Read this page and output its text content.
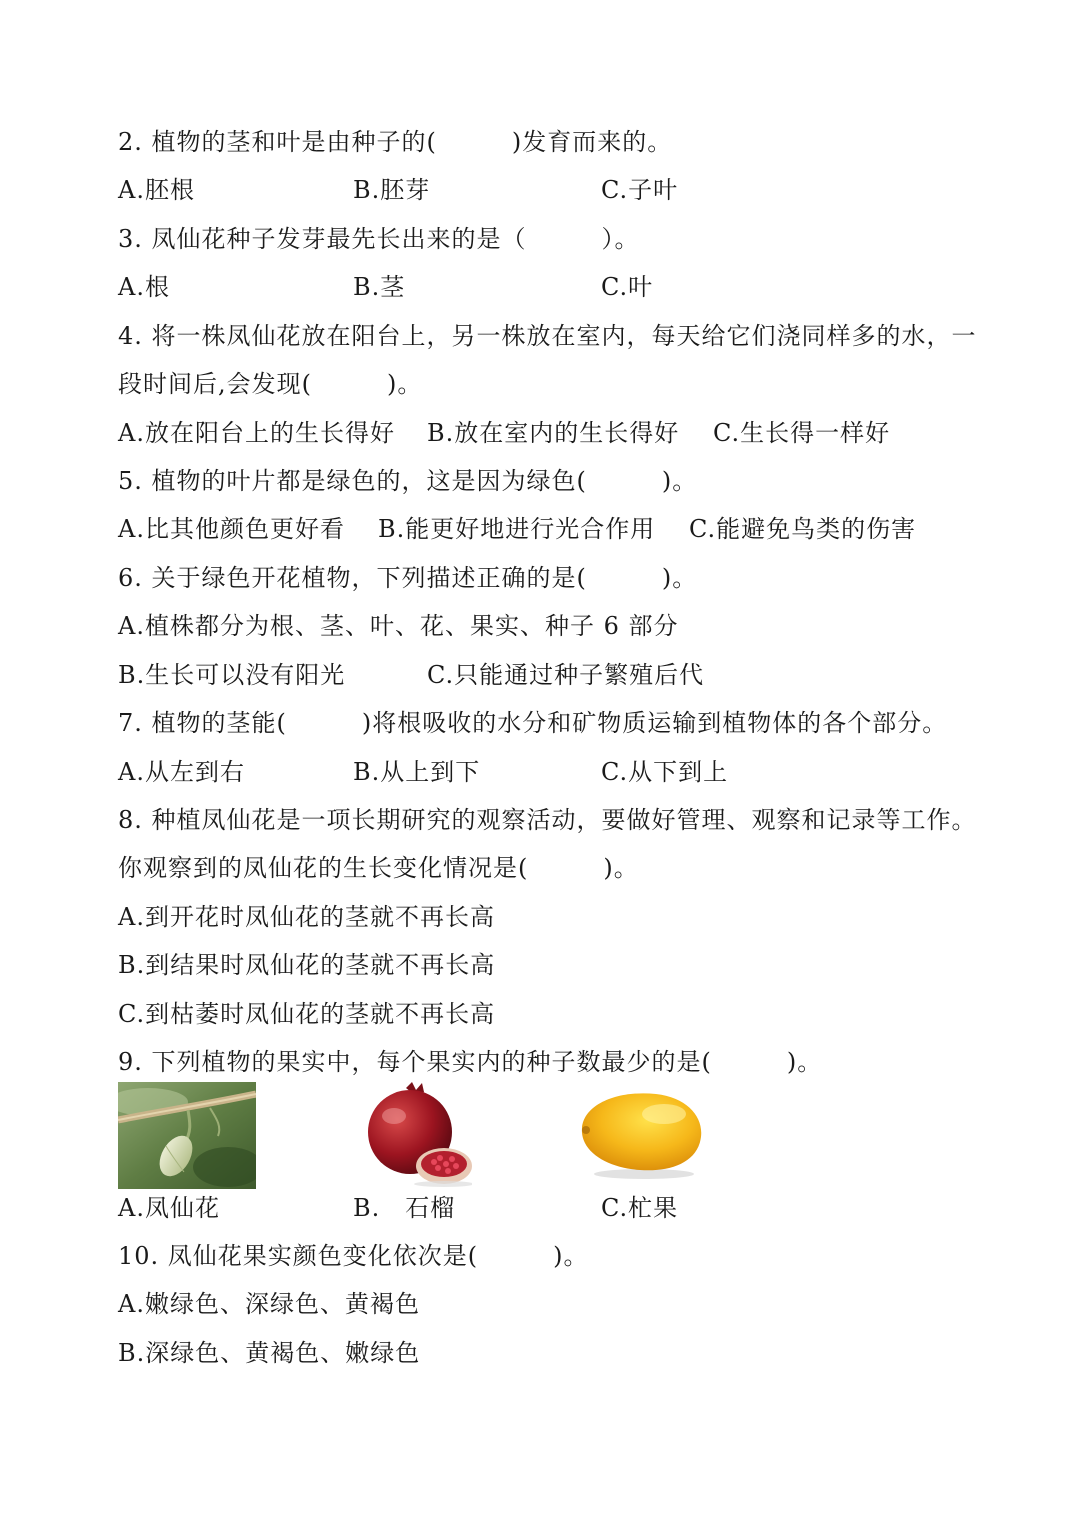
2. 植物的茎和叶是由种子的(　　　)发育而来的。
A.胚根	B.胚芽	C.子叶
3. 凤仙花种子发芽最先长出来的是（　　　）。
A.根	B.茎	C.叶
4. 将一株凤仙花放在阳台上，另一株放在室内，每天给它们浇同样多的水，一
段时间后,会发现(　　　)。
A.放在阳台上的生长得好 B.放在室内的生长得好 C.生长得一样好
5. 植物的叶片都是绿色的，这是因为绿色(　　　)。
A.比其他颜色更好看 B.能更好地进行光合作用 C.能避免鸟类的伤害
6. 关于绿色开花植物，下列描述正确的是(　　　)。
A.植株都分为根、茎、叶、花、果实、种子 6 部分
B.生长可以没有阳光	C.只能通过种子繁殖后代
7. 植物的茎能(　　　)将根吸收的水分和矿物质运输到植物体的各个部分。
A.从左到右	B.从上到下	C.从下到上
8. 种植凤仙花是一项长期研究的观察活动，要做好管理、观察和记录等工作。
你观察到的凤仙花的生长变化情况是(　　　)。
A.到开花时凤仙花的茎就不再长高
B.到结果时凤仙花的茎就不再长高
C.到枯萎时凤仙花的茎就不再长高
9. 下列植物的果实中，每个果实内的种子数最少的是(　　　)。
A.凤仙花	B.　石榴	C.杧果
10. 凤仙花果实颜色变化依次是(　　　)。
A.嫩绿色、深绿色、黄褐色
B.深绿色、黄褐色、嫩绿色
